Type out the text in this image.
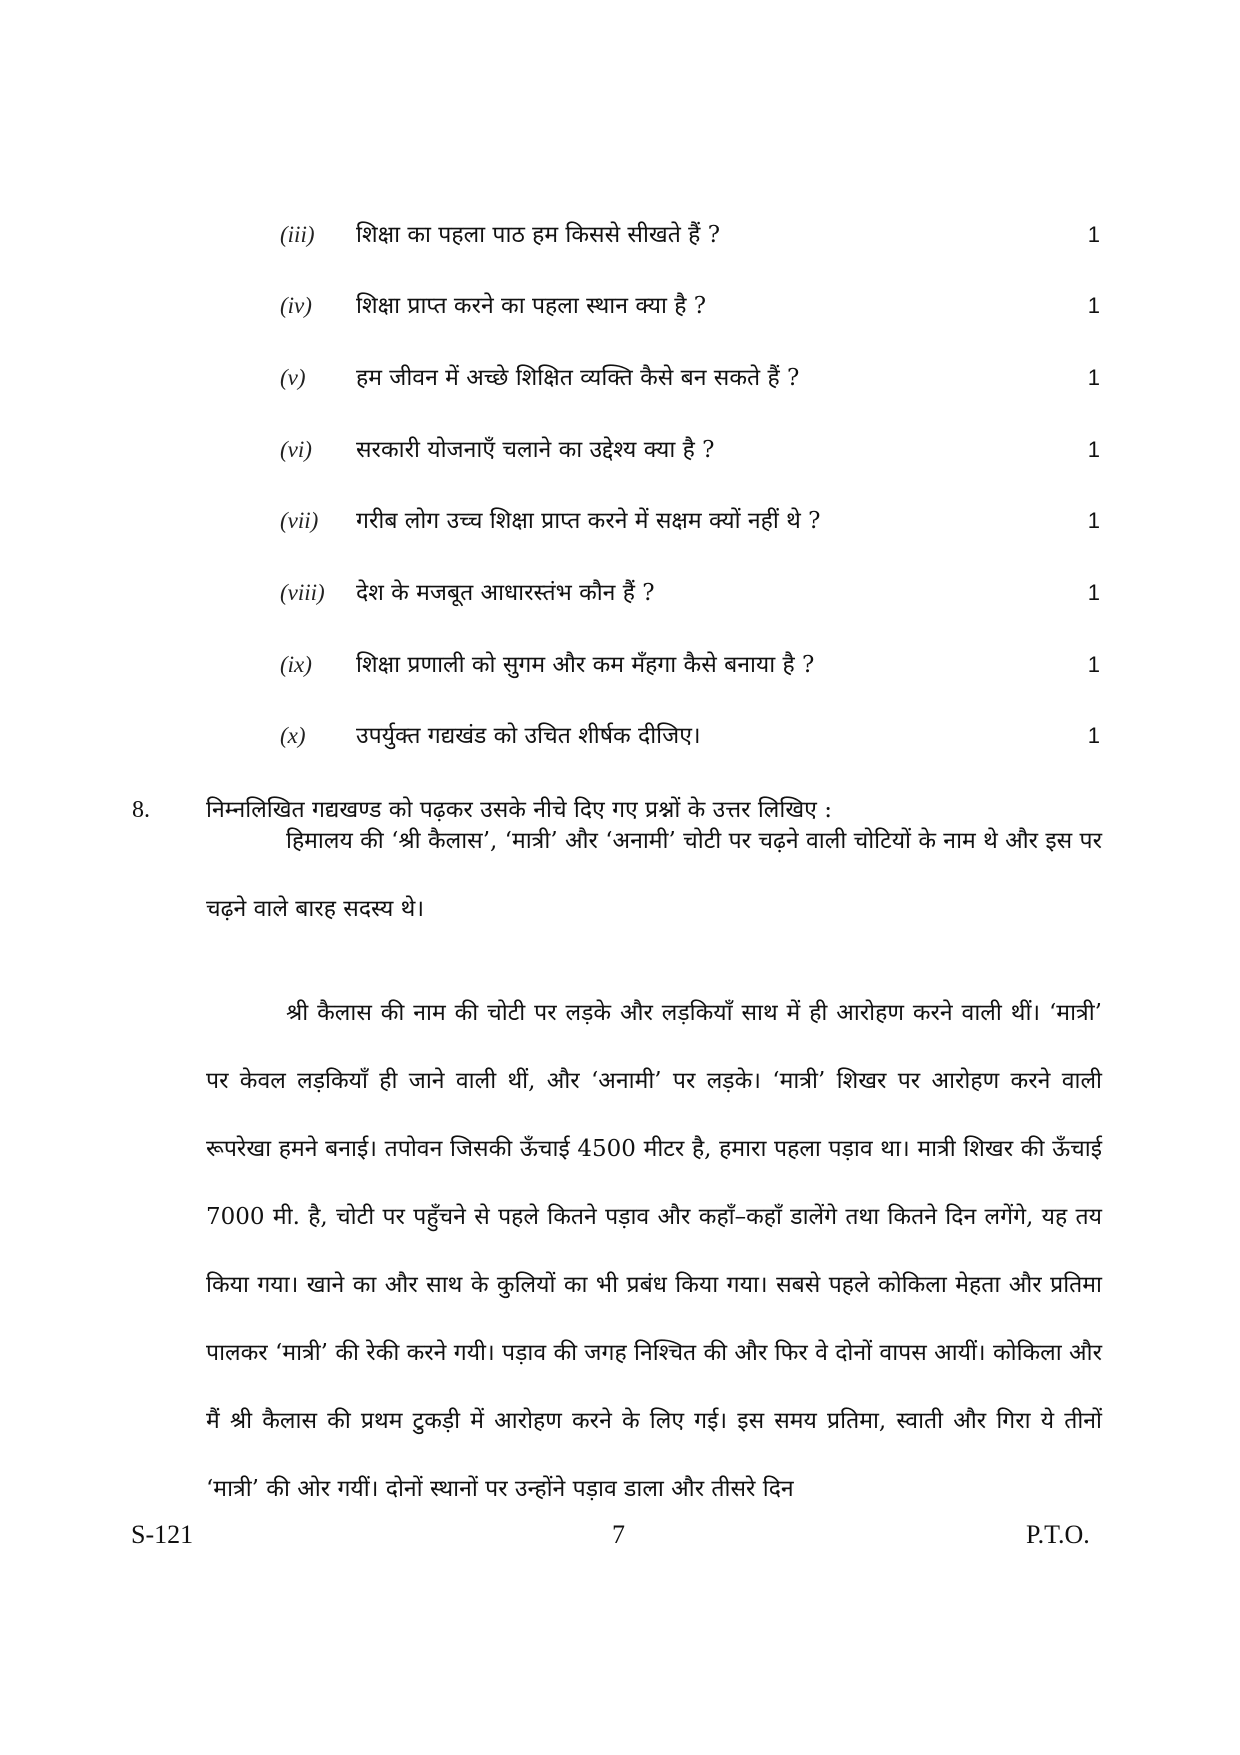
(iii) शिक्षा का पहला पाठ हम किससे सीखते हैं ?	1
(iv) शिक्षा प्राप्त करने का पहला स्थान क्या है ?	1
(v) हम जीवन में अच्छे शिक्षित व्यक्ति कैसे बन सकते हैं ?	1
(vi) सरकारी योजनाएँ चलाने का उद्देश्य क्या है ?	1
(vii) गरीब लोग उच्च शिक्षा प्राप्त करने में सक्षम क्यों नहीं थे ?	1
(viii) देश के मजबूत आधारस्तंभ कौन हैं ?	1
(ix) शिक्षा प्रणाली को सुगम और कम मँहगा कैसे बनाया है ?	1
(x) उपर्युक्त गद्यखंड को उचित शीर्षक दीजिए।	1
8. निम्नलिखित गद्यखण्ड को पढ़कर उसके नीचे दिए गए प्रश्नों के उत्तर लिखिए :

हिमालय की ‘श्री कैलास’, ‘मात्री’ और ‘अनामी’ चोटी पर चढ़ने वाली चोटियों के नाम थे और इस पर चढ़ने वाले बारह सदस्य थे।

श्री कैलास की नाम की चोटी पर लड़के और लड़कियाँ साथ में ही आरोहण करने वाली थीं। ‘मात्री’ पर केवल लड़कियाँ ही जाने वाली थीं, और ‘अनामी’ पर लड़के। ‘मात्री’ शिखर पर आरोहण करने वाली रूपरेखा हमने बनाई। तपोवन जिसकी ऊँचाई 4500 मीटर है, हमारा पहला पड़ाव था। मात्री शिखर की ऊँचाई 7000 मी. है, चोटी पर पहुँचने से पहले कितने पड़ाव और कहाँ–कहाँ डालेंगे तथा कितने दिन लगेंगे, यह तय किया गया। खाने का और साथ के कुलियों का भी प्रबंध किया गया। सबसे पहले कोकिला मेहता और प्रतिमा पालकर ‘मात्री’ की रेकी करने गयी। पड़ाव की जगह निश्चित की और फिर वे दोनों वापस आयीं। कोकिला और मैं श्री कैलास की प्रथम टुकड़ी में आरोहण करने के लिए गई। इस समय प्रतिमा, स्वाती और गिरा ये तीनों ‘मात्री’ की ओर गयीं। दोनों स्थानों पर उन्होंने पड़ाव डाला और तीसरे दिन

S-121	7	P.T.O.
